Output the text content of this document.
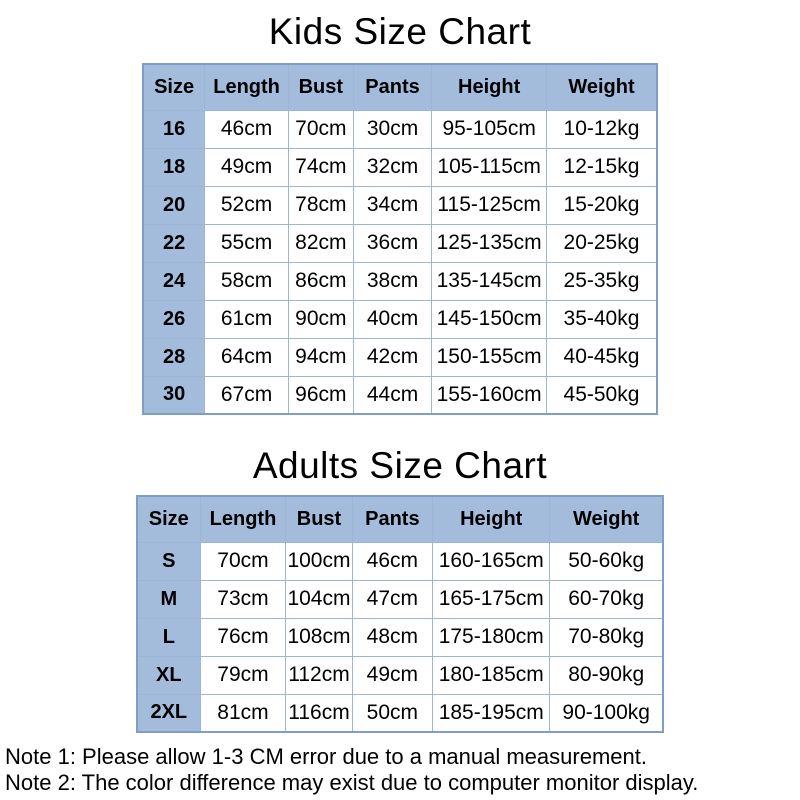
Kids Size Chart
Size	Length	Bust	Pants	Height	Weight
16	46cm	70cm	30cm	95-105cm	10-12kg
18	49cm	74cm	32cm	105-115cm	12-15kg
20	52cm	78cm	34cm	115-125cm	15-20kg
22	55cm	82cm	36cm	125-135cm	20-25kg
24	58cm	86cm	38cm	135-145cm	25-35kg
26	61cm	90cm	40cm	145-150cm	35-40kg
28	64cm	94cm	42cm	150-155cm	40-45kg
30	67cm	96cm	44cm	155-160cm	45-50kg
Adults Size Chart
Size	Length	Bust	Pants	Height	Weight
S	70cm	100cm	46cm	160-165cm	50-60kg
M	73cm	104cm	47cm	165-175cm	60-70kg
L	76cm	108cm	48cm	175-180cm	70-80kg
XL	79cm	112cm	49cm	180-185cm	80-90kg
2XL	81cm	116cm	50cm	185-195cm	90-100kg

Note 1: Please allow 1-3 CM error due to a manual measurement.

Note 2: The color difference may exist due to computer monitor display.
